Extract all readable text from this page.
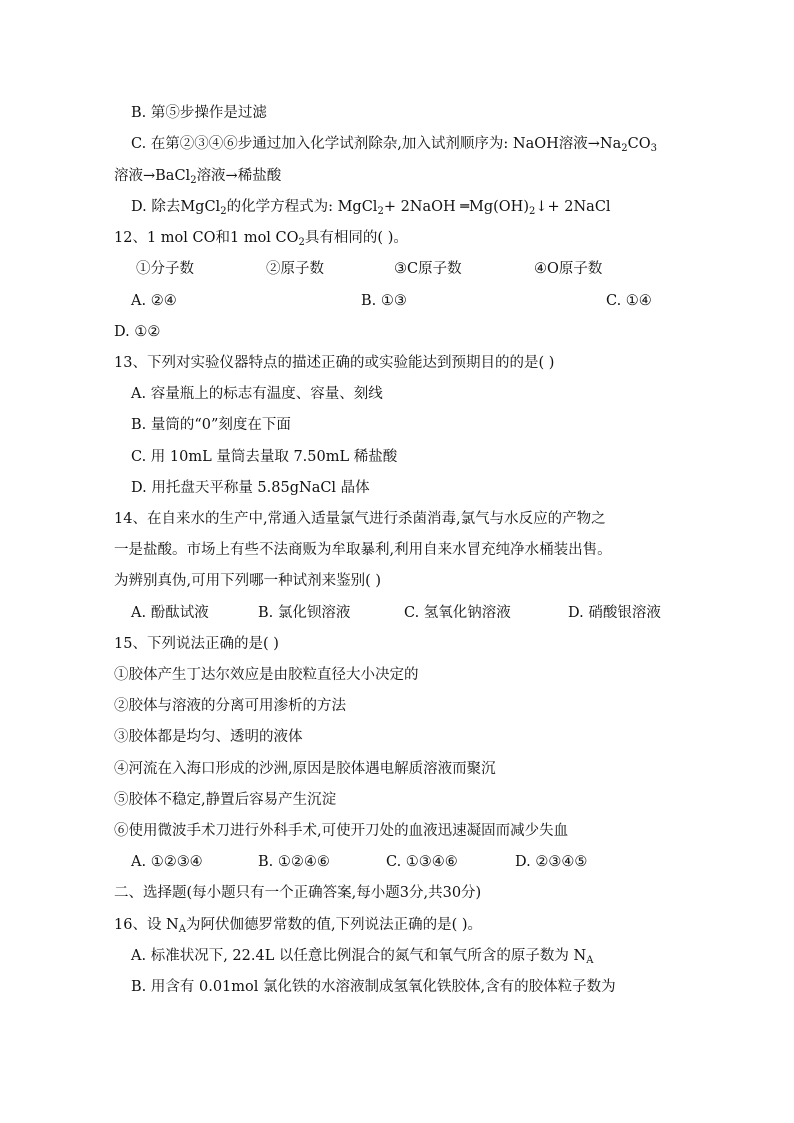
B. 第⑤步操作是过滤
C. 在第②③④⑥步通过加入化学试剂除杂,加入试剂顺序为: NaOH溶液$\to Na_2CO_3$
溶液→BaCl$_2$溶液→稀盐酸
D. 除去MgCl$_2$的化学方程式为: MgCl$_2$+ 2NaOH $═Mg(OH)_2↓+$ 2NaCl
12、1 mol CO和1 mol $CO_2$具有相同的( )。
①分子数	②原子数	③C原子数	④O原子数
A. ②④	B. ①③	C. ①④
D. ①②
13、下列对实验仪器特点的描述正确的或实验能达到预期目的的是( )
A. 容量瓶上的标志有温度、容量、刻线
B. 量筒的“0”刻度在下面
C. 用 10mL 量筒去量取 7.50mL 稀盐酸
D. 用托盘天平称量 5.85gNaCl 晶体
14、在自来水的生产中,常通入适量氯气进行杀菌消毒,氯气与水反应的产物之
一是盐酸。市场上有些不法商贩为牟取暴利,利用自来水冒充纯净水桶装出售。
为辨别真伪,可用下列哪一种试剂来鉴别( )
A. 酚酞试液	B. 氯化钡溶液	C. 氢氧化钠溶液	D. 硝酸银溶液
15、下列说法正确的是( )
①胶体产生丁达尔效应是由胶粒直径大小决定的
②胶体与溶液的分离可用渗析的方法
③胶体都是均匀、透明的液体
④河流在入海口形成的沙洲,原因是胶体遇电解质溶液而聚沉
⑤胶体不稳定,静置后容易产生沉淀
⑥使用微波手术刀进行外科手术,可使开刀处的血液迅速凝固而减少失血
A. ①②③④	B. ①②④⑥	C. ①③④⑥	D. ②③④⑤
二、选择题(每小题只有一个正确答案,每小题3分,共30分)
16、设 $N_A$为阿伏伽德罗常数的值,下列说法正确的是( )。
A. 标准状况下, 22.4L 以任意比例混合的氮气和氧气所含的原子数为 $N_A$
B. 用含有 0.01mol 氯化铁的水溶液制成氢氧化铁胶体,含有的胶体粒子数为
